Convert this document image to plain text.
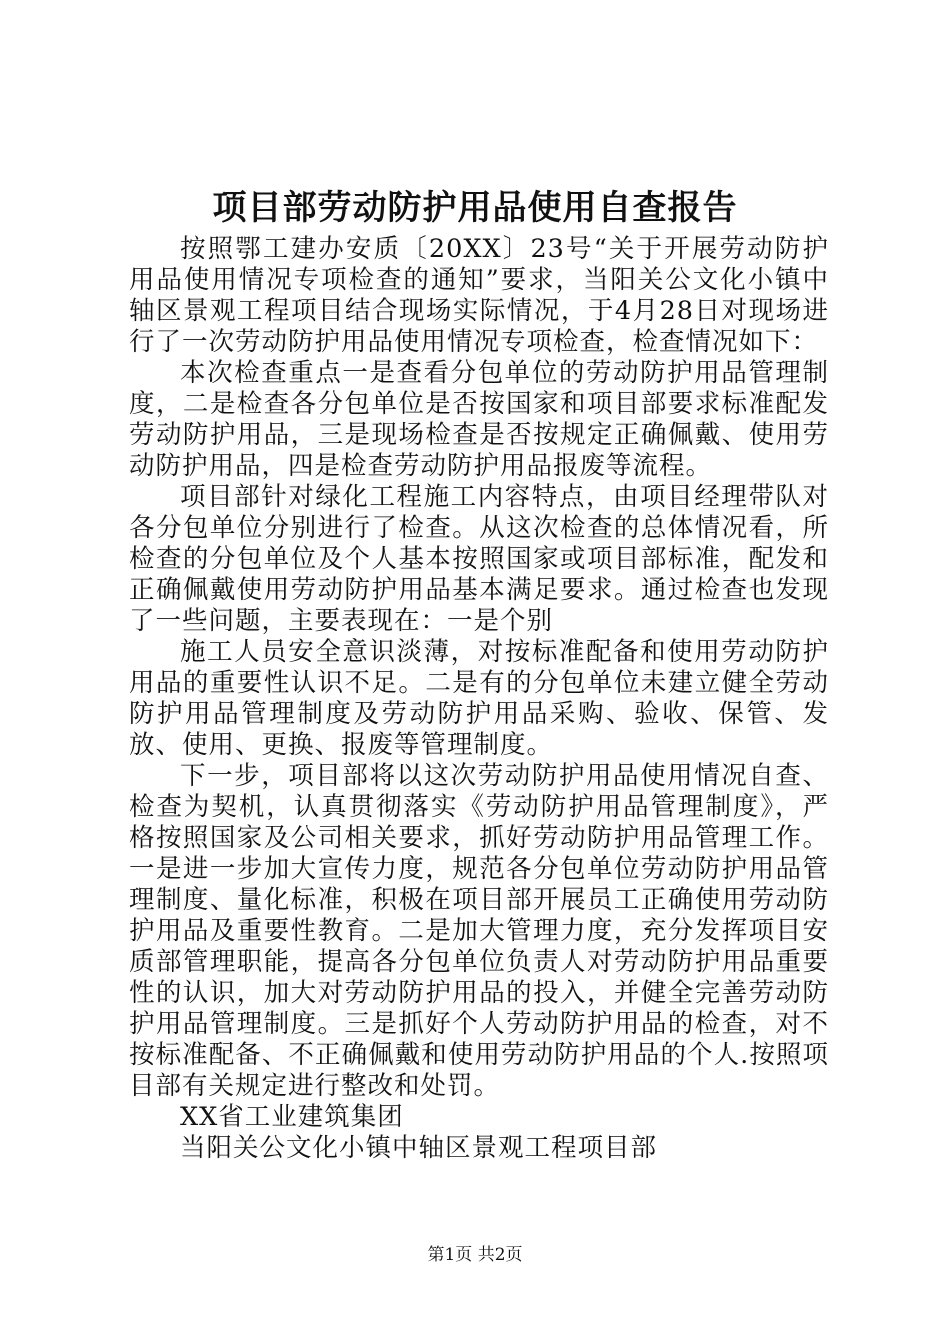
项目部劳动防护用品使用自查报告

按照鄂工建办安质〔20XX〕23号“关于开展劳动防护用品使用情况专项检查的通知”要求，当阳关公文化小镇中轴区景观工程项目结合现场实际情况，于4月28日对现场进行了一次劳动防护用品使用情况专项检查，检查情况如下：

本次检查重点一是查看分包单位的劳动防护用品管理制度，二是检查各分包单位是否按国家和项目部要求标准配发劳动防护用品，三是现场检查是否按规定正确佩戴、使用劳动防护用品，四是检查劳动防护用品报废等流程。

项目部针对绿化工程施工内容特点，由项目经理带队对各分包单位分别进行了检查。从这次检查的总体情况看，所检查的分包单位及个人基本按照国家或项目部标准，配发和正确佩戴使用劳动防护用品基本满足要求。通过检查也发现了一些问题，主要表现在：一是个别

施工人员安全意识淡薄，对按标准配备和使用劳动防护用品的重要性认识不足。二是有的分包单位未建立健全劳动防护用品管理制度及劳动防护用品采购、验收、保管、发放、使用、更换、报废等管理制度。

下一步，项目部将以这次劳动防护用品使用情况自查、检查为契机，认真贯彻落实《劳动防护用品管理制度》，严格按照国家及公司相关要求，抓好劳动防护用品管理工作。一是进一步加大宣传力度，规范各分包单位劳动防护用品管理制度、量化标准，积极在项目部开展员工正确使用劳动防护用品及重要性教育。二是加大管理力度，充分发挥项目安质部管理职能，提高各分包单位负责人对劳动防护用品重要性的认识，加大对劳动防护用品的投入，并健全完善劳动防护用品管理制度。三是抓好个人劳动防护用品的检查，对不按标准配备、不正确佩戴和使用劳动防护用品的个人.按照项目部有关规定进行整改和处罚。

XX省工业建筑集团

当阳关公文化小镇中轴区景观工程项目部

第1页 共2页
